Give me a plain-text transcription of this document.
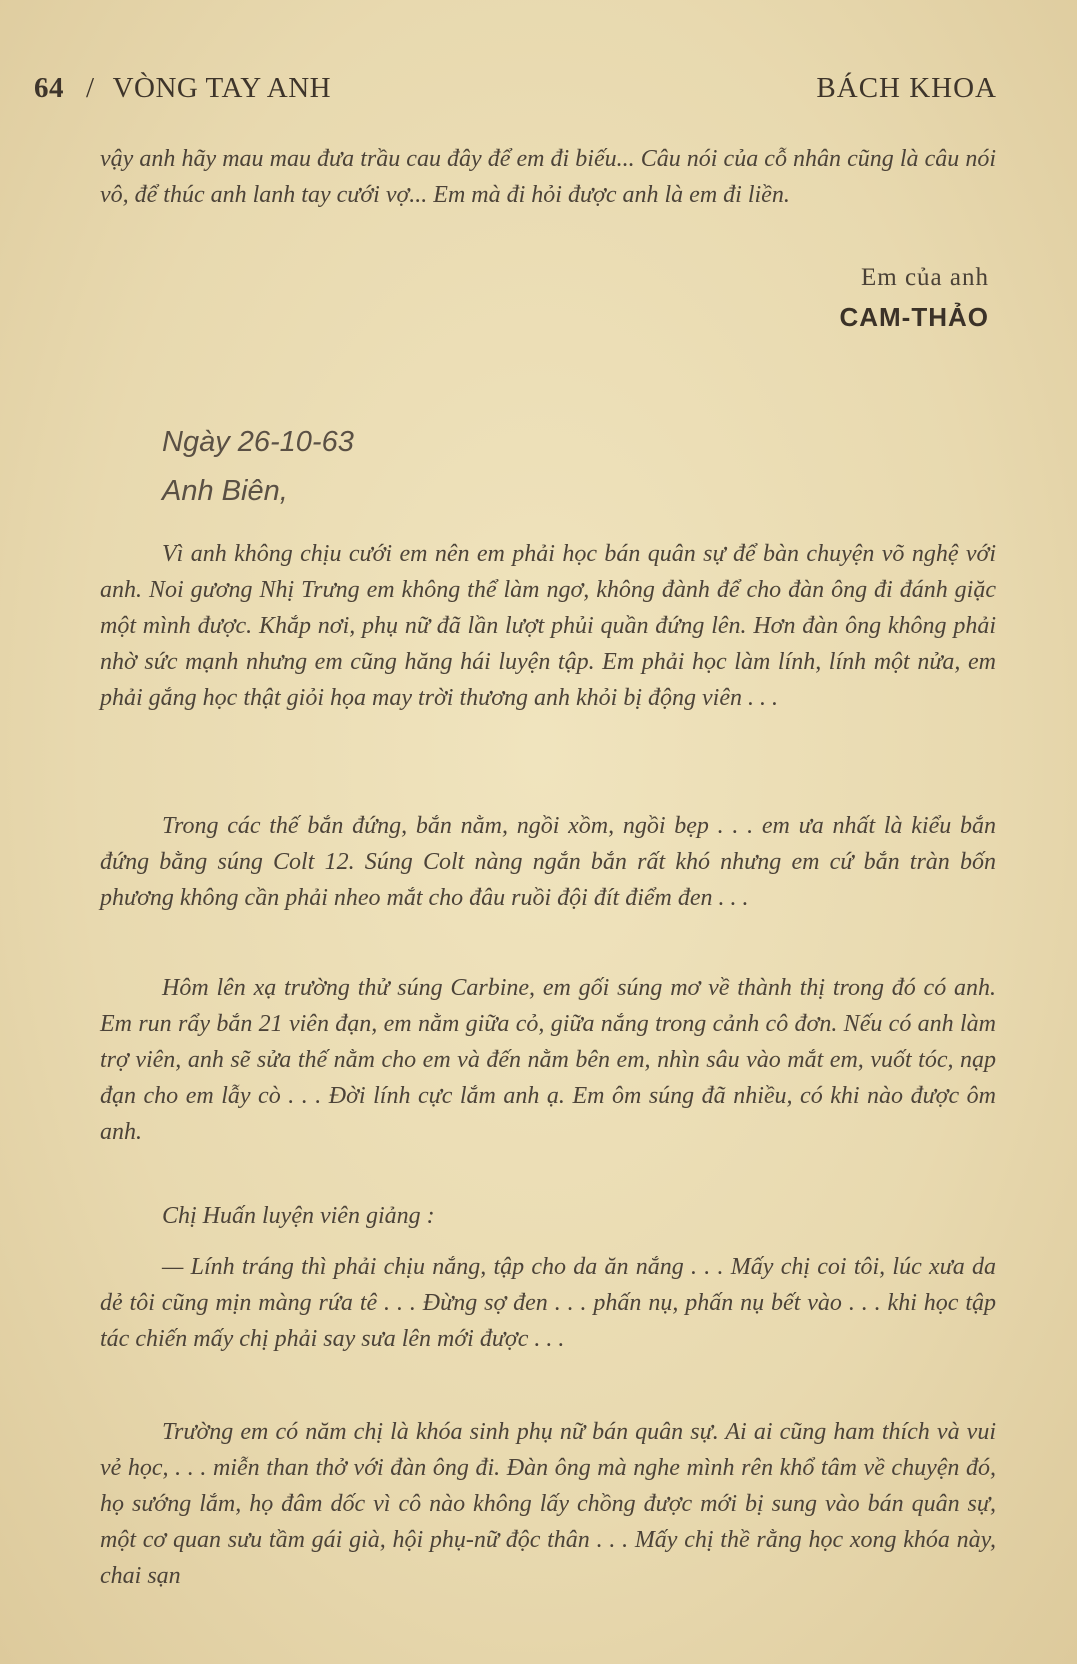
64 / VÒNG TAY ANH	BÁCH KHOA
vậy anh hãy mau mau đưa trầu cau đây để em đi biếu... Câu nói của cỗ nhân cũng là câu nói vô, để thúc anh lanh tay cưới vợ... Em mà đi hỏi được anh là em đi liền.
Em của anh
CAM-THẢO
Ngày 26-10-63
Anh Biên,

Vì anh không chịu cưới em nên em phải học bán quân sự để bàn chuyện võ nghệ với anh. Noi gương Nhị Trưng em không thể làm ngơ, không đành để cho đàn ông đi đánh giặc một mình được. Khắp nơi, phụ nữ đã lần lượt phủi quần đứng lên. Hơn đàn ông không phải nhờ sức mạnh nhưng em cũng hăng hái luyện tập. Em phải học làm lính, lính một nửa, em phải gắng học thật giỏi họa may trời thương anh khỏi bị động viên . . .

Trong các thế bắn đứng, bắn nằm, ngồi xồm, ngồi bẹp . . . em ưa nhất là kiểu bắn đứng bằng súng Colt 12. Súng Colt nàng ngắn bắn rất khó nhưng em cứ bắn tràn bốn phương không cần phải nheo mắt cho đâu ruồi đội đít điểm đen . . .

Hôm lên xạ trường thử súng Carbine, em gối súng mơ về thành thị trong đó có anh. Em run rẩy bắn 21 viên đạn, em nằm giữa cỏ, giữa nắng trong cảnh cô đơn. Nếu có anh làm trợ viên, anh sẽ sửa thế nằm cho em và đến nằm bên em, nhìn sâu vào mắt em, vuốt tóc, nạp đạn cho em lẫy cò . . . Đời lính cực lắm anh ạ. Em ôm súng đã nhiều, có khi nào được ôm anh.

Chị Huấn luyện viên giảng :

— Lính tráng thì phải chịu nắng, tập cho da ăn nắng . . . Mấy chị coi tôi, lúc xưa da dẻ tôi cũng mịn màng rứa tê . . . Đừng sợ đen . . . phấn nụ, phấn nụ bết vào . . . khi học tập tác chiến mấy chị phải say sưa lên mới được . . .

Trường em có năm chị là khóa sinh phụ nữ bán quân sự. Ai ai cũng ham thích và vui vẻ học, . . . miễn than thở với đàn ông đi. Đàn ông mà nghe mình rên khổ tâm về chuyện đó, họ sướng lắm, họ đâm dốc vì cô nào không lấy chồng được mới bị sung vào bán quân sự, một cơ quan sưu tầm gái già, hội phụ-nữ độc thân . . . Mấy chị thề rằng học xong khóa này, chai sạn
